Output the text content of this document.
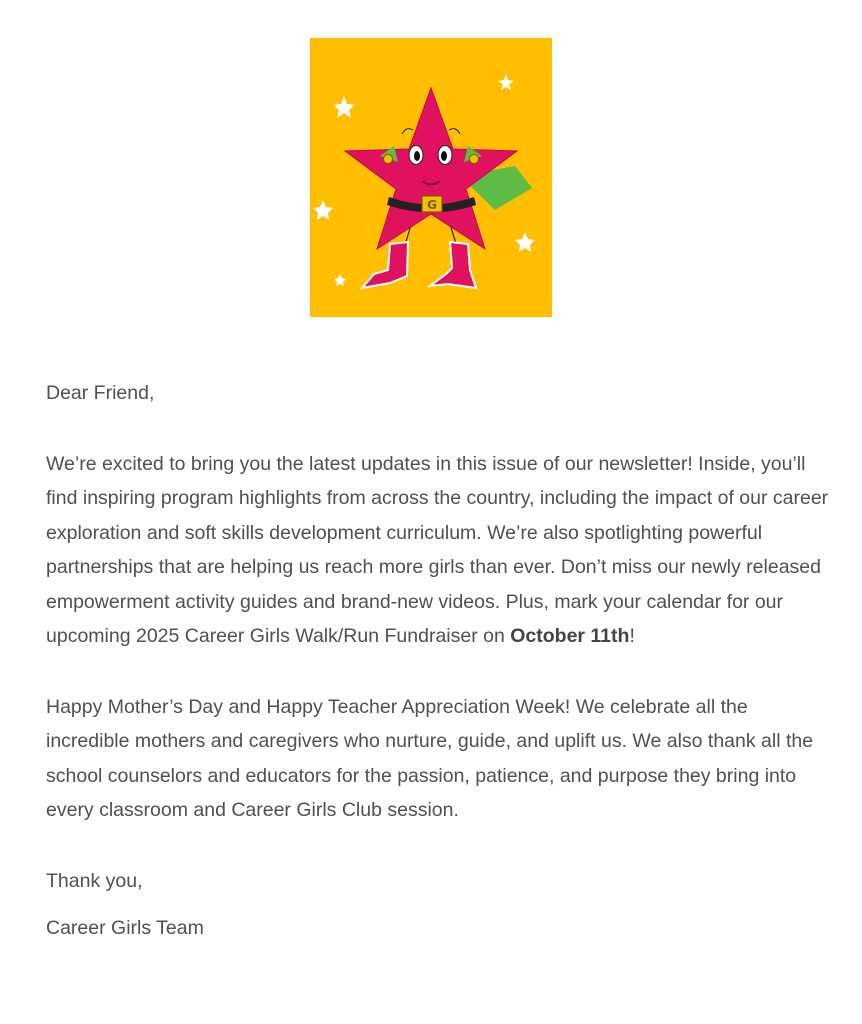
G

Dear Friend,

We’re excited to bring you the latest updates in this issue of our newsletter! Inside, you’ll find inspiring program highlights from across the country, including the impact of our career exploration and soft skills development curriculum. We’re also spotlighting powerful partnerships that are helping us reach more girls than ever. Don’t miss our newly released empowerment activity guides and brand-new videos. Plus, mark your calendar for our upcoming 2025 Career Girls Walk/Run Fundraiser on October 11th!

Happy Mother’s Day and Happy Teacher Appreciation Week! We celebrate all the incredible mothers and caregivers who nurture, guide, and uplift us. We also thank all the school counselors and educators for the passion, patience, and purpose they bring into every classroom and Career Girls Club session.

Thank you,

Career Girls Team
